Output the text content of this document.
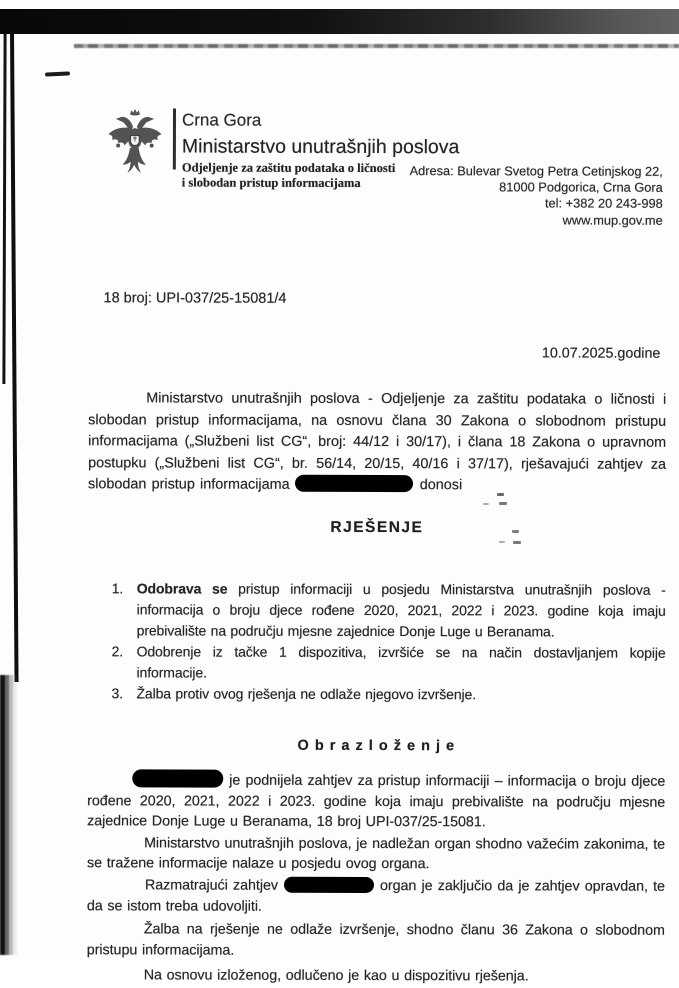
Crna Gora
Ministarstvo unutrašnjih poslova
Odjeljenje za zaštitu podataka o ličnosti
i slobodan pristup informacijama
Adresa: Bulevar Svetog Petra Cetinjskog 22,
81000 Podgorica, Crna Gora
tel: +382 20 243-998
www.mup.gov.me
18 broj: UPI-037/25-15081/4
10.07.2025.godine

Ministarstvo unutrašnjih poslova - Odjeljenje za zaštitu podataka o ličnosti i slobodan pristup informacijama, na osnovu člana 30 Zakona o slobodnom pristupu informacijama („Službeni list CG“, broj: 44/12 i 30/17), i člana 18 Zakona o upravnom postupku („Službeni list CG“, br. 56/14, 20/15, 40/16 i 37/17), rješavajući zahtjev za slobodan pristup informacijama	donosi

RJEŠENJE
1. Odobrava se pristup informaciji u posjedu Ministarstva unutrašnjih poslova - informacija o broju djece rođene 2020, 2021, 2022 i 2023. godine koja imaju prebivalište na području mjesne zajednice Donje Luge u Beranama.
2. Odobrenje iz tačke 1 dispozitiva, izvršiće se na način dostavljanjem kopije informacije.
3. Žalba protiv ovog rješenja ne odlaže njegovo izvršenje.
O b r a z l o ž e n j e

je podnijela zahtjev za pristup informaciji – informacija o broju djece rođene 2020, 2021, 2022 i 2023. godine koja imaju prebivalište na području mjesne zajednice Donje Luge u Beranama, 18 broj UPI-037/25-15081.

Ministarstvo unutrašnjih poslova, je nadležan organ shodno važećim zakonima, te se tražene informacije nalaze u posjedu ovog organa.

Razmatrajući zahtjev	organ je zaključio da je zahtjev opravdan, te da se istom treba udovoljiti.

Žalba na rješenje ne odlaže izvršenje, shodno članu 36 Zakona o slobodnom pristupu informacijama.

Na osnovu izloženog, odlučeno je kao u dispozitivu rješenja.
